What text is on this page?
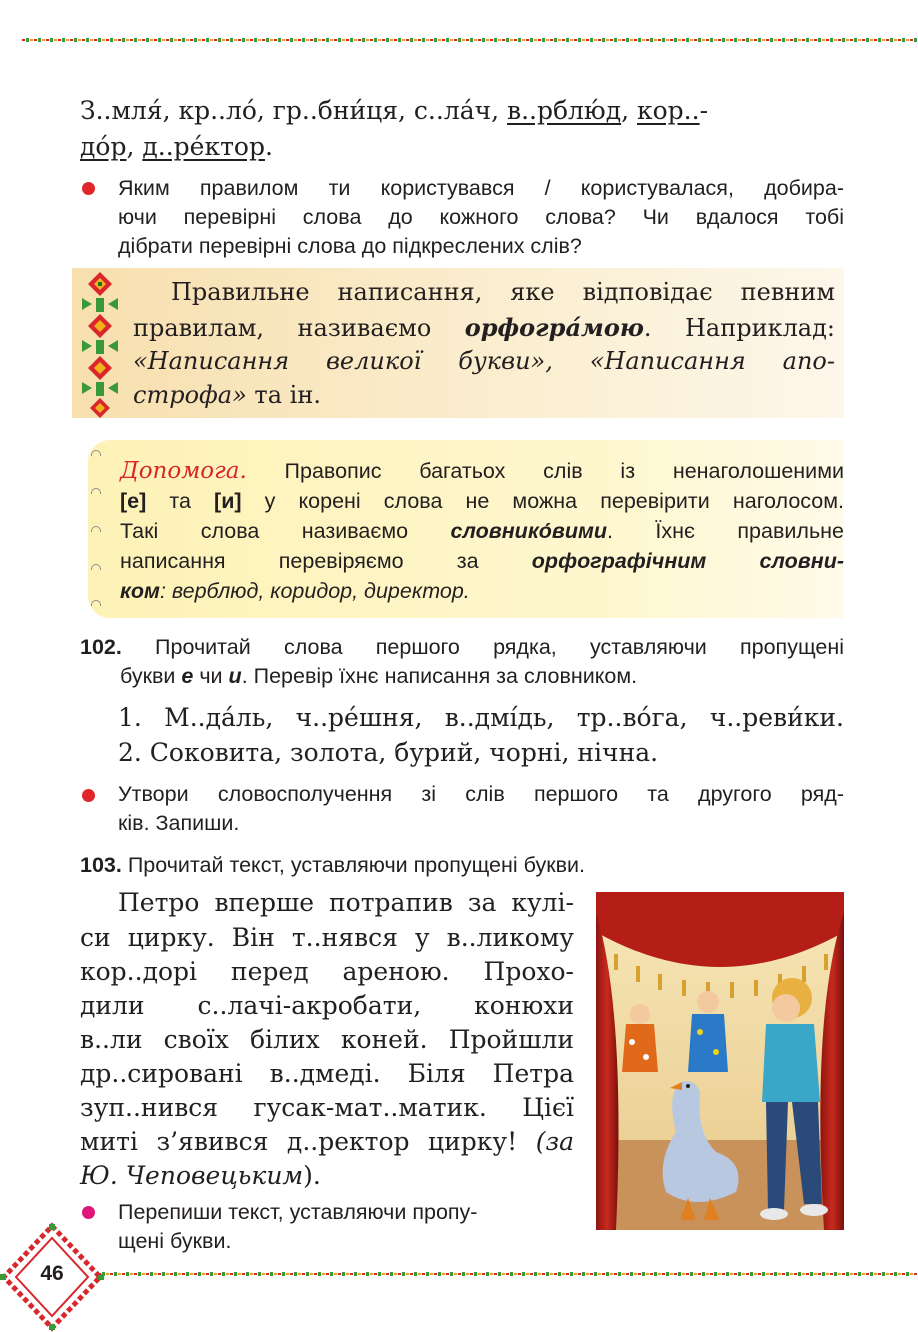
З..мля́, кр..ло́, гр..бни́ця, с..ла́ч, в..рблю́д, кор..-
до́р, д..ре́ктор.
Яким правилом ти користувався / користувалася, добира-
ючи перевірні слова до кожного слова? Чи вдалося тобі
дібрати перевірні слова до підкреслених слів?
Правильне написання, яке відповідає певним
правилам, називаємо орфогра́мою. Наприклад:
«Написання великої букви», «Написання апо-
строфа» та ін.
Допомога. Правопис багатьох слів із ненаголошеними
[е] та [и] у корені слова не можна перевірити наголосом.
Такі слова називаємо словнико́вими. Їхнє правильне
написання перевіряємо за орфографічним словни-
ком: верблюд, коридор, директор.
102. Прочитай слова першого рядка, уставляючи пропущені
букви е чи и. Перевір їхнє написання за словником.
1. М..да́ль, ч..ре́шня, в..дмі́дь, тр..во́га, ч..реви́ки.
2. Соковита, золота, бурий, чорні, нічна.
Утвори словосполучення зі слів першого та другого ряд-
ків. Запиши.
103. Прочитай текст, уставляючи пропущені букви.
Петро вперше потрапив за кулі-
си цирку. Він т..нявся у в..ликому
кор..дорі перед ареною. Прохо-
дили с..лачі-акробати, конюхи
в..ли своїх білих коней. Пройшли
др..сировані в..дмеді. Біля Петра
зуп..нився гусак-мат..матик. Цієї
миті з’явився д..ректор цирку! (за
Ю. Чеповецьким).
Перепиши текст, уставляючи пропу-
щені букви.
46
